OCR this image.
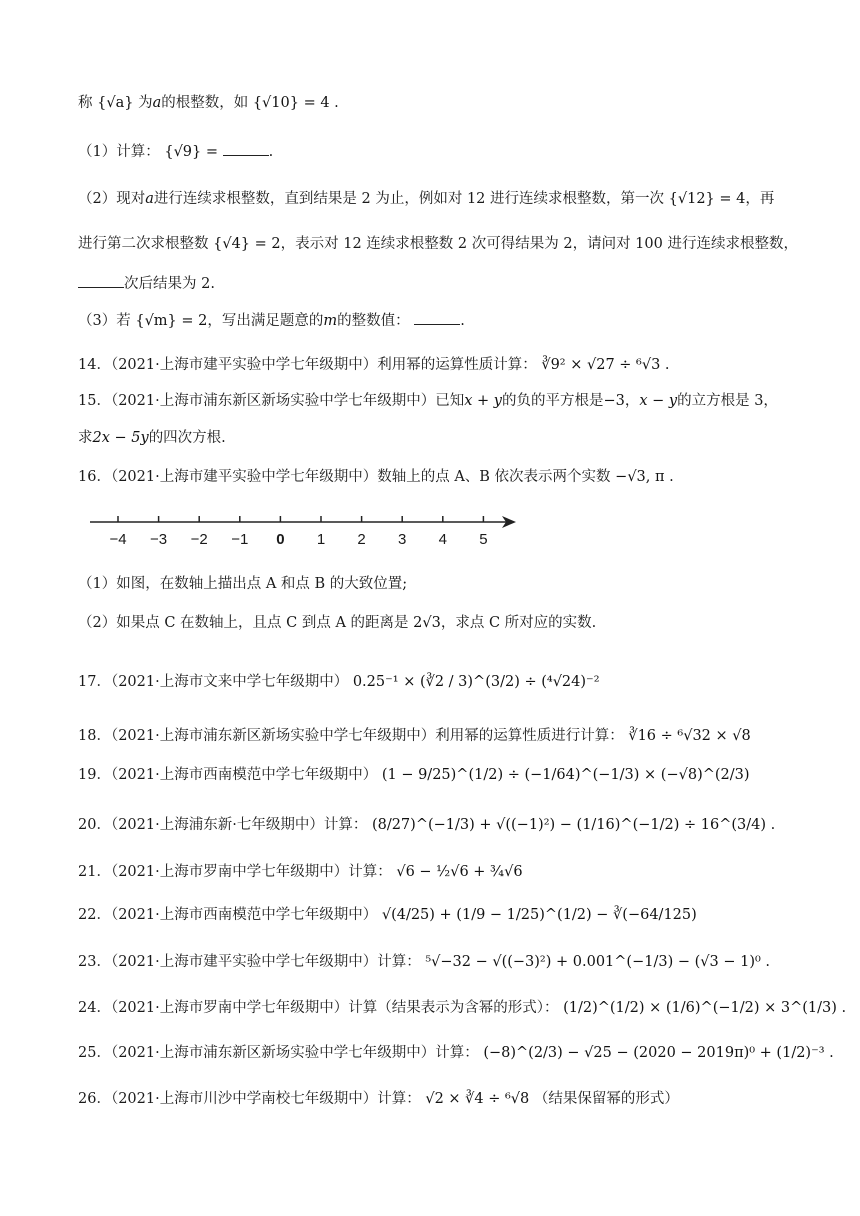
称 {√a} 为a的根整数，如 {√10} = 4 .
（1）计算： {√9} =	.
（2）现对a进行连续求根整数，直到结果是 2 为止，例如对 12 进行连续求根整数，第一次 {√12} = 4，再
进行第二次求根整数 {√4} = 2，表示对 12 连续求根整数 2 次可得结果为 2，请问对 100 进行连续求根整数，
次后结果为 2.
（3）若 {√m} = 2，写出满足题意的m的整数值：	.
14．（2021·上海市建平实验中学七年级期中）利用幂的运算性质计算： ∛9² × √27 ÷ ⁶√3 .
15．（2021·上海市浦东新区新场实验中学七年级期中）已知x + y的负的平方根是−3，x − y的立方根是 3，
求2x − 5y的四次方根.
16．（2021·上海市建平实验中学七年级期中）数轴上的点 A、B 依次表示两个实数 −√3, π .
−4 −3 −2 −1 0 1 2 3 4 5
（1）如图，在数轴上描出点 A 和点 B 的大致位置;
（2）如果点 C 在数轴上，且点 C 到点 A 的距离是 2√3，求点 C 所对应的实数.
17．（2021·上海市文来中学七年级期中） 0.25⁻¹ × (∛2 / 3)^(3/2) ÷ (⁴√24)⁻²
18．（2021·上海市浦东新区新场实验中学七年级期中）利用幂的运算性质进行计算： ∛16 ÷ ⁶√32 × √8
19．（2021·上海市西南模范中学七年级期中） (1 − 9/25)^(1/2) ÷ (−1/64)^(−1/3) × (−√8)^(2/3)
20．（2021·上海浦东新·七年级期中）计算： (8/27)^(−1/3) + √((−1)²) − (1/16)^(−1/2) ÷ 16^(3/4) .
21．（2021·上海市罗南中学七年级期中）计算： √6 − ½√6 + ¾√6
22．（2021·上海市西南模范中学七年级期中） √(4/25) + (1/9 − 1/25)^(1/2) − ∛(−64/125)
23．（2021·上海市建平实验中学七年级期中）计算： ⁵√−32 − √((−3)²) + 0.001^(−1/3) − (√3 − 1)⁰ .
24．（2021·上海市罗南中学七年级期中）计算（结果表示为含幂的形式）： (1/2)^(1/2) × (1/6)^(−1/2) × 3^(1/3) .
25．（2021·上海市浦东新区新场实验中学七年级期中）计算： (−8)^(2/3) − √25 − (2020 − 2019π)⁰ + (1/2)⁻³ .
26．（2021·上海市川沙中学南校七年级期中）计算： √2 × ∛4 ÷ ⁶√8 （结果保留幂的形式）
